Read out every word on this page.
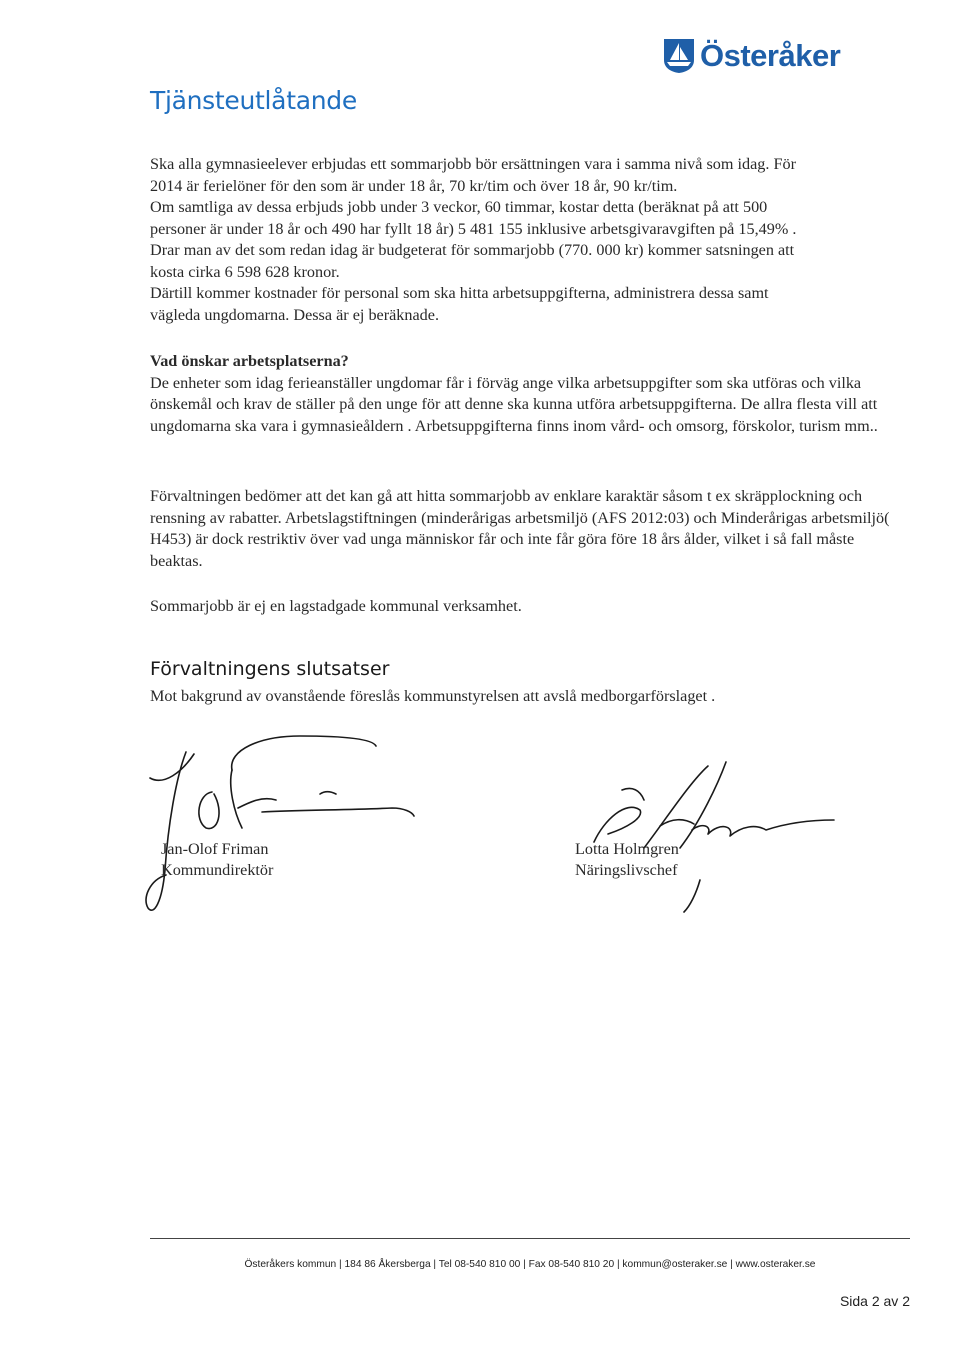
Österåker
Tjänsteutlåtande
Ska alla gymnasieelever erbjudas ett sommarjobb bör ersättningen vara i samma nivå som idag. För
2014 är ferielöner för den som är under 18 år, 70 kr/tim och över 18 år, 90 kr/tim.
Om samtliga av dessa erbjuds jobb under 3 veckor, 60 timmar, kostar detta (beräknat på att 500
personer är under 18 år och 490 har fyllt 18 år) 5 481 155 inklusive arbetsgivaravgiften på 15,49% .
Drar man av det som redan idag är budgeterat för sommarjobb (770. 000 kr) kommer satsningen att
kosta cirka 6 598 628 kronor.
Därtill kommer kostnader för personal som ska hitta arbetsuppgifterna, administrera dessa samt
vägleda ungdomarna. Dessa är ej beräknade.
Vad önskar arbetsplatserna?
De enheter som idag ferieanställer ungdomar får i förväg ange vilka arbetsuppgifter som ska utföras och vilka önskemål och krav de ställer på den unge för att denne ska kunna utföra arbetsuppgifterna. De allra flesta vill att ungdomarna ska vara i gymnasieåldern . Arbetsuppgifterna finns inom vård- och omsorg, förskolor, turism mm..
Förvaltningen bedömer att det kan gå att hitta sommarjobb av enklare karaktär såsom t ex skräpplockning och rensning av rabatter. Arbetslagstiftningen (minderårigas arbetsmiljö (AFS 2012:03) och Minderårigas arbetsmiljö( H453) är dock restriktiv över vad unga människor får och inte får göra före 18 års ålder, vilket i så fall måste beaktas.
Sommarjobb är ej en lagstadgade kommunal verksamhet.
Förvaltningens slutsatser
Mot bakgrund av ovanstående föreslås kommunstyrelsen att avslå medborgarförslaget .
Jan-Olof Friman
Kommundirektör
Lotta Holmgren
Näringslivschef
Österåkers kommun | 184 86 Åkersberga | Tel 08-540 810 00 | Fax 08-540 810 20 | kommun@osteraker.se | www.osteraker.se
Sida 2 av 2
